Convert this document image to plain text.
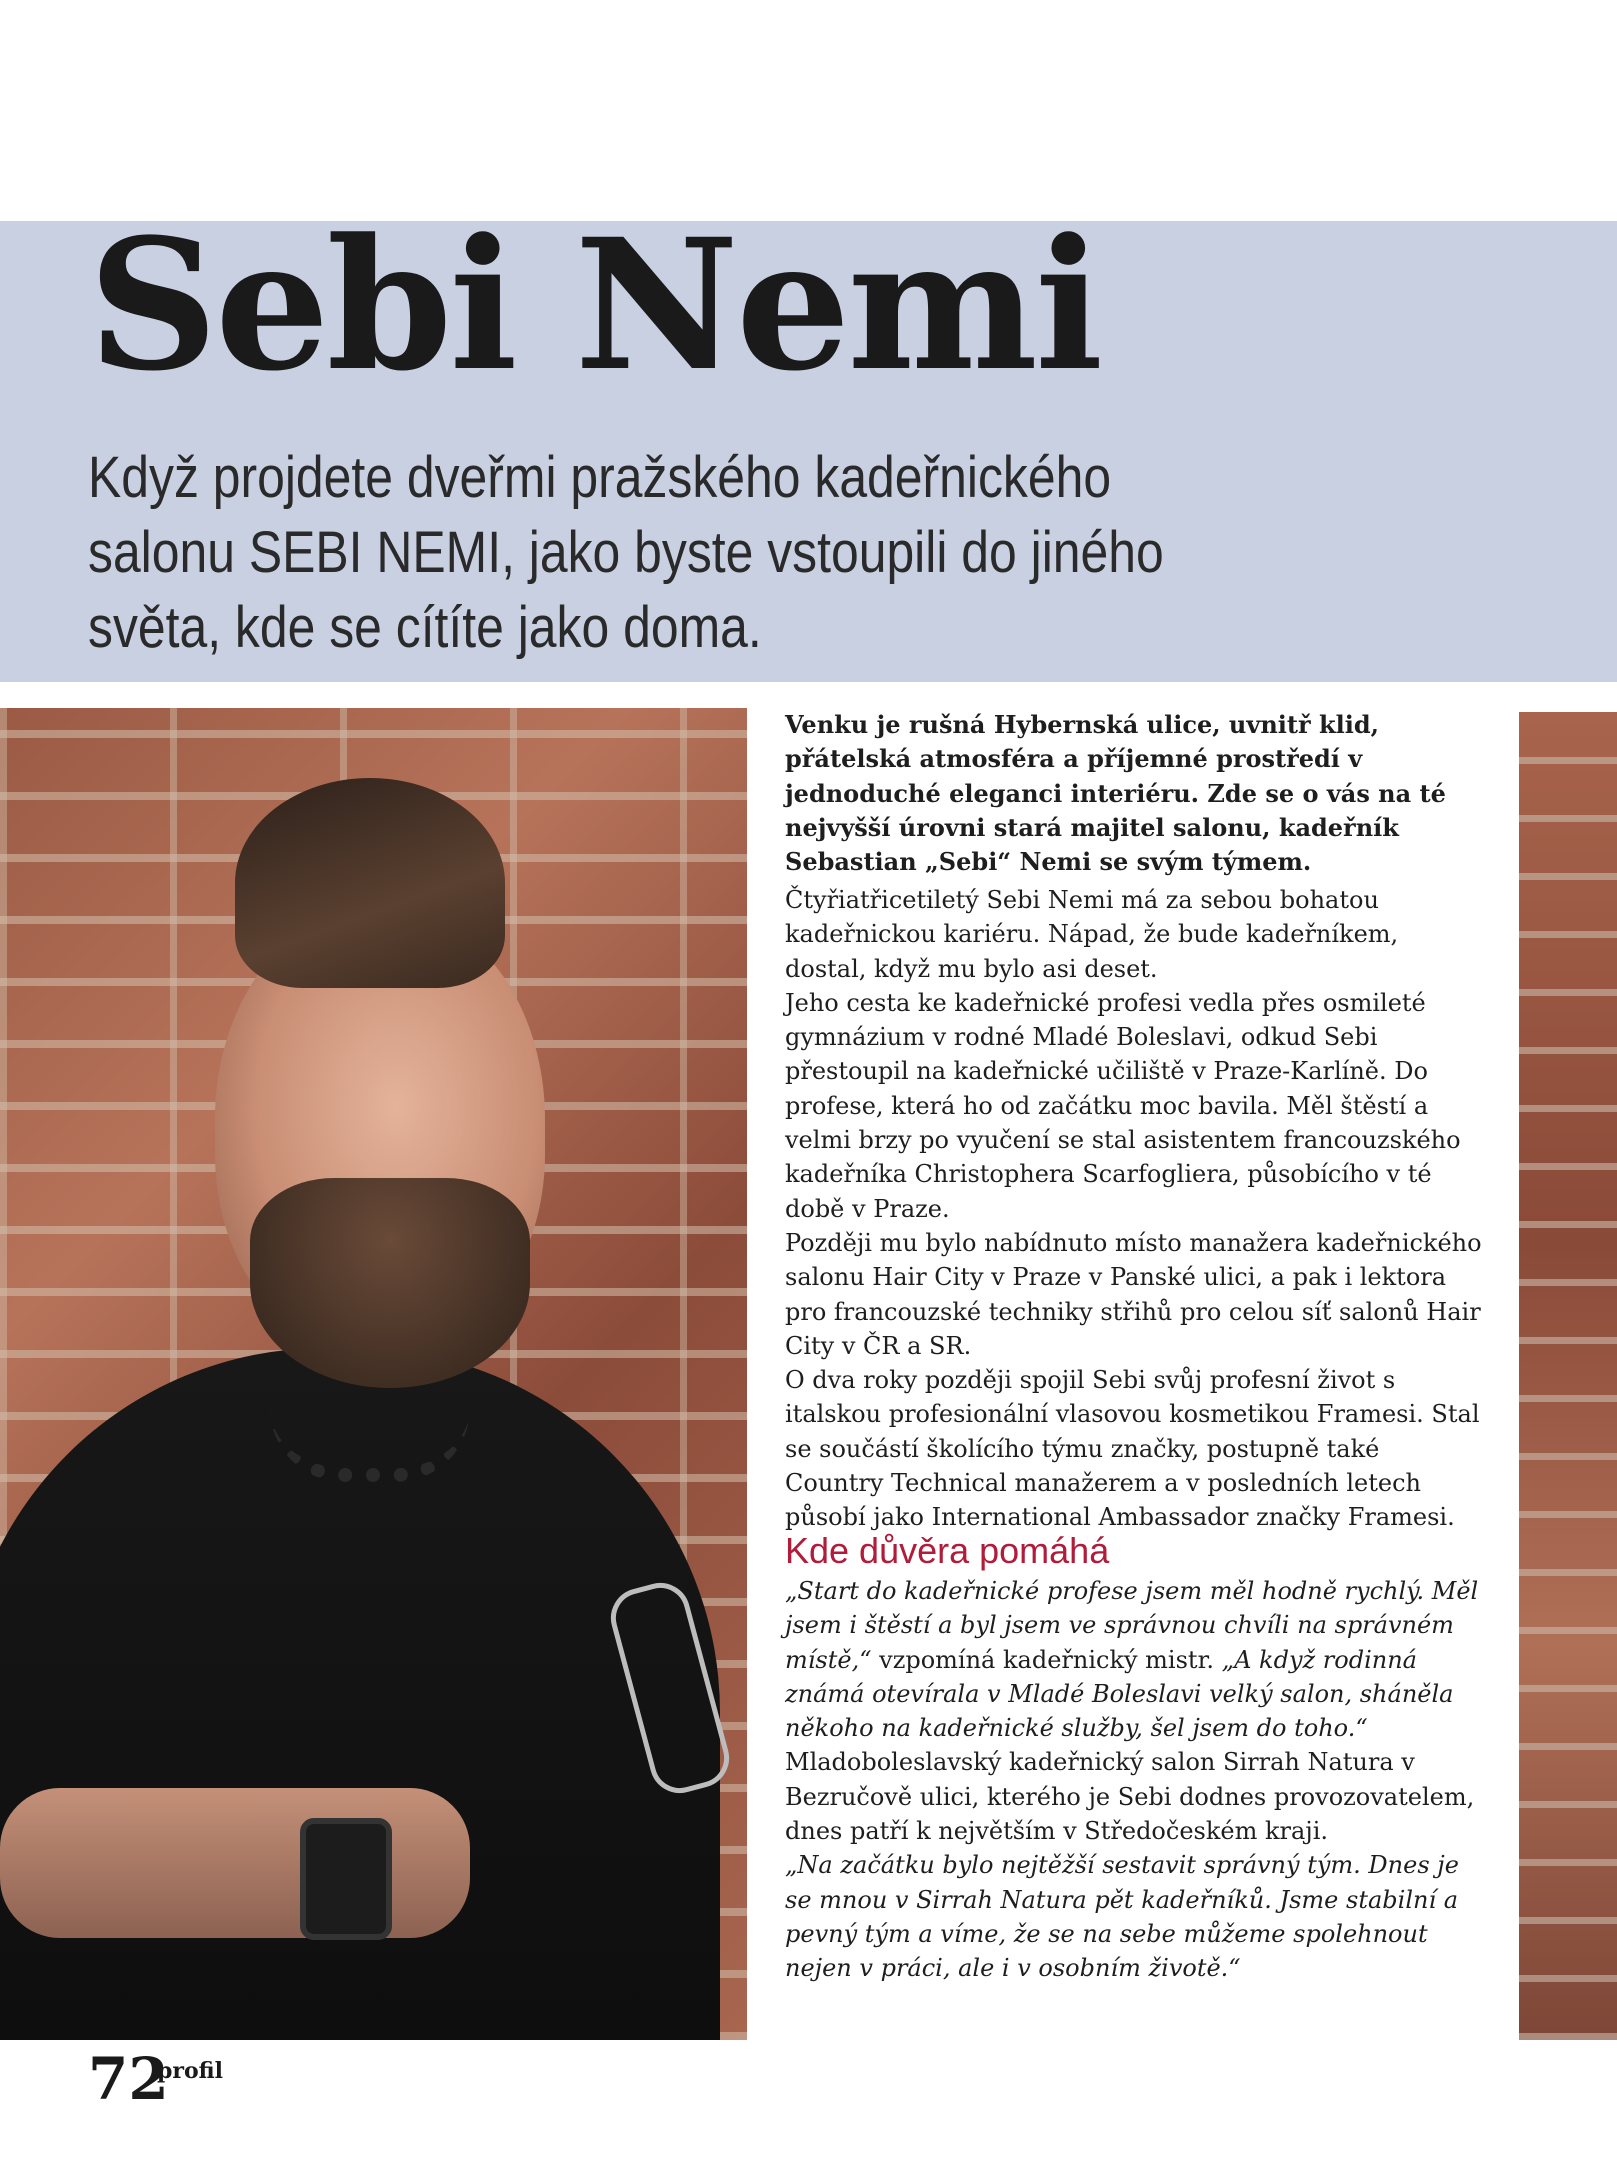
Sebi Nemi
Když projdete dveřmi pražského kadeřnického
salonu SEBI NEMI, jako byste vstoupili do jiného
světa, kde se cítíte jako doma.

Venku je rušná Hybernská ulice, uvnitř klid, přátelská atmosféra a příjemné prostředí v jednoduché eleganci interiéru. Zde se o vás na té nejvyšší úrovni stará majitel salonu, kadeřník Sebastian „Sebi“ Nemi se svým týmem.

Čtyřiatřicetiletý Sebi Nemi má za sebou bohatou kadeřnickou kariéru. Nápad, že bude kadeřníkem, dostal, když mu bylo asi deset.

Jeho cesta ke kadeřnické profesi vedla přes osmileté gymnázium v rodné Mladé Boleslavi, odkud Sebi přestoupil na kadeřnické učiliště v Praze-Karlíně. Do profese, která ho od začátku moc bavila. Měl štěstí a velmi brzy po vyučení se stal asistentem francouzského kadeřníka Christophera Scarfogliera, působícího v té době v Praze.

Později mu bylo nabídnuto místo manažera kadeřnického salonu Hair City v Praze v Panské ulici, a pak i lektora pro francouzské techniky střihů pro celou síť salonů Hair City v ČR a SR.

O dva roky později spojil Sebi svůj profesní život s italskou profesionální vlasovou kosmetikou Framesi. Stal se součástí školícího týmu značky, postupně také Country Technical manažerem a v posledních letech působí jako International Ambassador značky Framesi.

Kde důvěra pomáhá

„Start do kadeřnické profese jsem měl hodně rychlý. Měl jsem i štěstí a byl jsem ve správnou chvíli na správném místě,“ vzpomíná kadeřnický mistr. „A když rodinná známá otevírala v Mladé Boleslavi velký salon, sháněla někoho na kadeřnické služby, šel jsem do toho.“ Mladoboleslavský kadeřnický salon Sirrah Natura v Bezručově ulici, kterého je Sebi dodnes provozovatelem, dnes patří k největším v Středočeském kraji.

„Na začátku bylo nejtěžší sestavit správný tým. Dnes je se mnou v Sirrah Natura pět kadeřníků. Jsme stabilní a pevný tým a víme, že se na sebe můžeme spolehnout nejen v práci, ale i v osobním životě.“

72
profil
